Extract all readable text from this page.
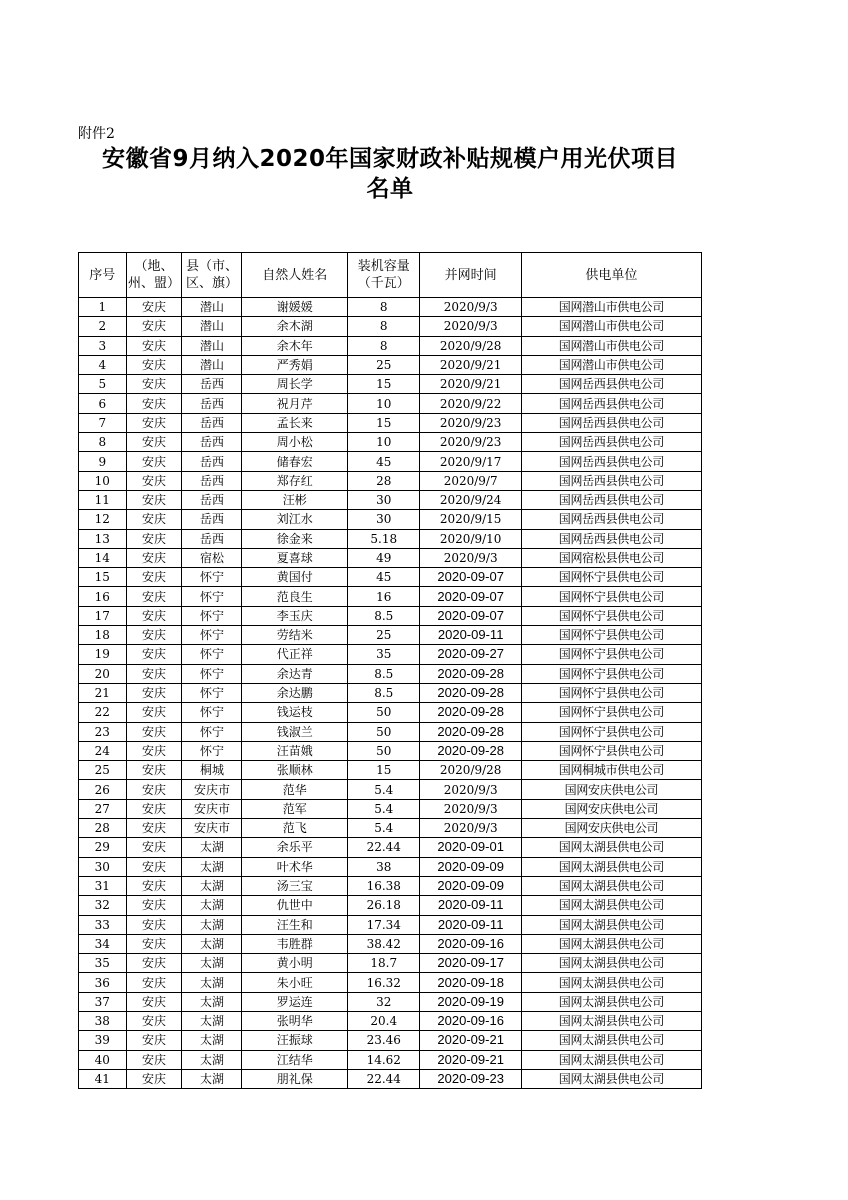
附件2
安徽省9月纳入2020年国家财政补贴规模户用光伏项目
名单
序号	（地、州、盟）	县（市、区、旗）	自然人姓名	装机容量（千瓦）	并网时间	供电单位
1	安庆	潜山	谢媛媛	8	2020/9/3	国网潜山市供电公司
2	安庆	潜山	余木湖	8	2020/9/3	国网潜山市供电公司
3	安庆	潜山	余木年	8	2020/9/28	国网潜山市供电公司
4	安庆	潜山	严秀娟	25	2020/9/21	国网潜山市供电公司
5	安庆	岳西	周长学	15	2020/9/21	国网岳西县供电公司
6	安庆	岳西	祝月芹	10	2020/9/22	国网岳西县供电公司
7	安庆	岳西	孟长来	15	2020/9/23	国网岳西县供电公司
8	安庆	岳西	周小松	10	2020/9/23	国网岳西县供电公司
9	安庆	岳西	储春宏	45	2020/9/17	国网岳西县供电公司
10	安庆	岳西	郑存红	28	2020/9/7	国网岳西县供电公司
11	安庆	岳西	汪彬	30	2020/9/24	国网岳西县供电公司
12	安庆	岳西	刘江水	30	2020/9/15	国网岳西县供电公司
13	安庆	岳西	徐金来	5.18	2020/9/10	国网岳西县供电公司
14	安庆	宿松	夏喜球	49	2020/9/3	国网宿松县供电公司
15	安庆	怀宁	黄国付	45	2020-09-07	国网怀宁县供电公司
16	安庆	怀宁	范良生	16	2020-09-07	国网怀宁县供电公司
17	安庆	怀宁	李玉庆	8.5	2020-09-07	国网怀宁县供电公司
18	安庆	怀宁	劳结米	25	2020-09-11	国网怀宁县供电公司
19	安庆	怀宁	代正祥	35	2020-09-27	国网怀宁县供电公司
20	安庆	怀宁	余达青	8.5	2020-09-28	国网怀宁县供电公司
21	安庆	怀宁	余达鹏	8.5	2020-09-28	国网怀宁县供电公司
22	安庆	怀宁	钱运枝	50	2020-09-28	国网怀宁县供电公司
23	安庆	怀宁	钱淑兰	50	2020-09-28	国网怀宁县供电公司
24	安庆	怀宁	汪苗娥	50	2020-09-28	国网怀宁县供电公司
25	安庆	桐城	张顺林	15	2020/9/28	国网桐城市供电公司
26	安庆	安庆市	范华	5.4	2020/9/3	国网安庆供电公司
27	安庆	安庆市	范军	5.4	2020/9/3	国网安庆供电公司
28	安庆	安庆市	范飞	5.4	2020/9/3	国网安庆供电公司
29	安庆	太湖	余乐平	22.44	2020-09-01	国网太湖县供电公司
30	安庆	太湖	叶术华	38	2020-09-09	国网太湖县供电公司
31	安庆	太湖	汤三宝	16.38	2020-09-09	国网太湖县供电公司
32	安庆	太湖	仇世中	26.18	2020-09-11	国网太湖县供电公司
33	安庆	太湖	汪生和	17.34	2020-09-11	国网太湖县供电公司
34	安庆	太湖	韦胜群	38.42	2020-09-16	国网太湖县供电公司
35	安庆	太湖	黄小明	18.7	2020-09-17	国网太湖县供电公司
36	安庆	太湖	朱小旺	16.32	2020-09-18	国网太湖县供电公司
37	安庆	太湖	罗运连	32	2020-09-19	国网太湖县供电公司
38	安庆	太湖	张明华	20.4	2020-09-16	国网太湖县供电公司
39	安庆	太湖	汪振球	23.46	2020-09-21	国网太湖县供电公司
40	安庆	太湖	江结华	14.62	2020-09-21	国网太湖县供电公司
41	安庆	太湖	朋礼保	22.44	2020-09-23	国网太湖县供电公司
